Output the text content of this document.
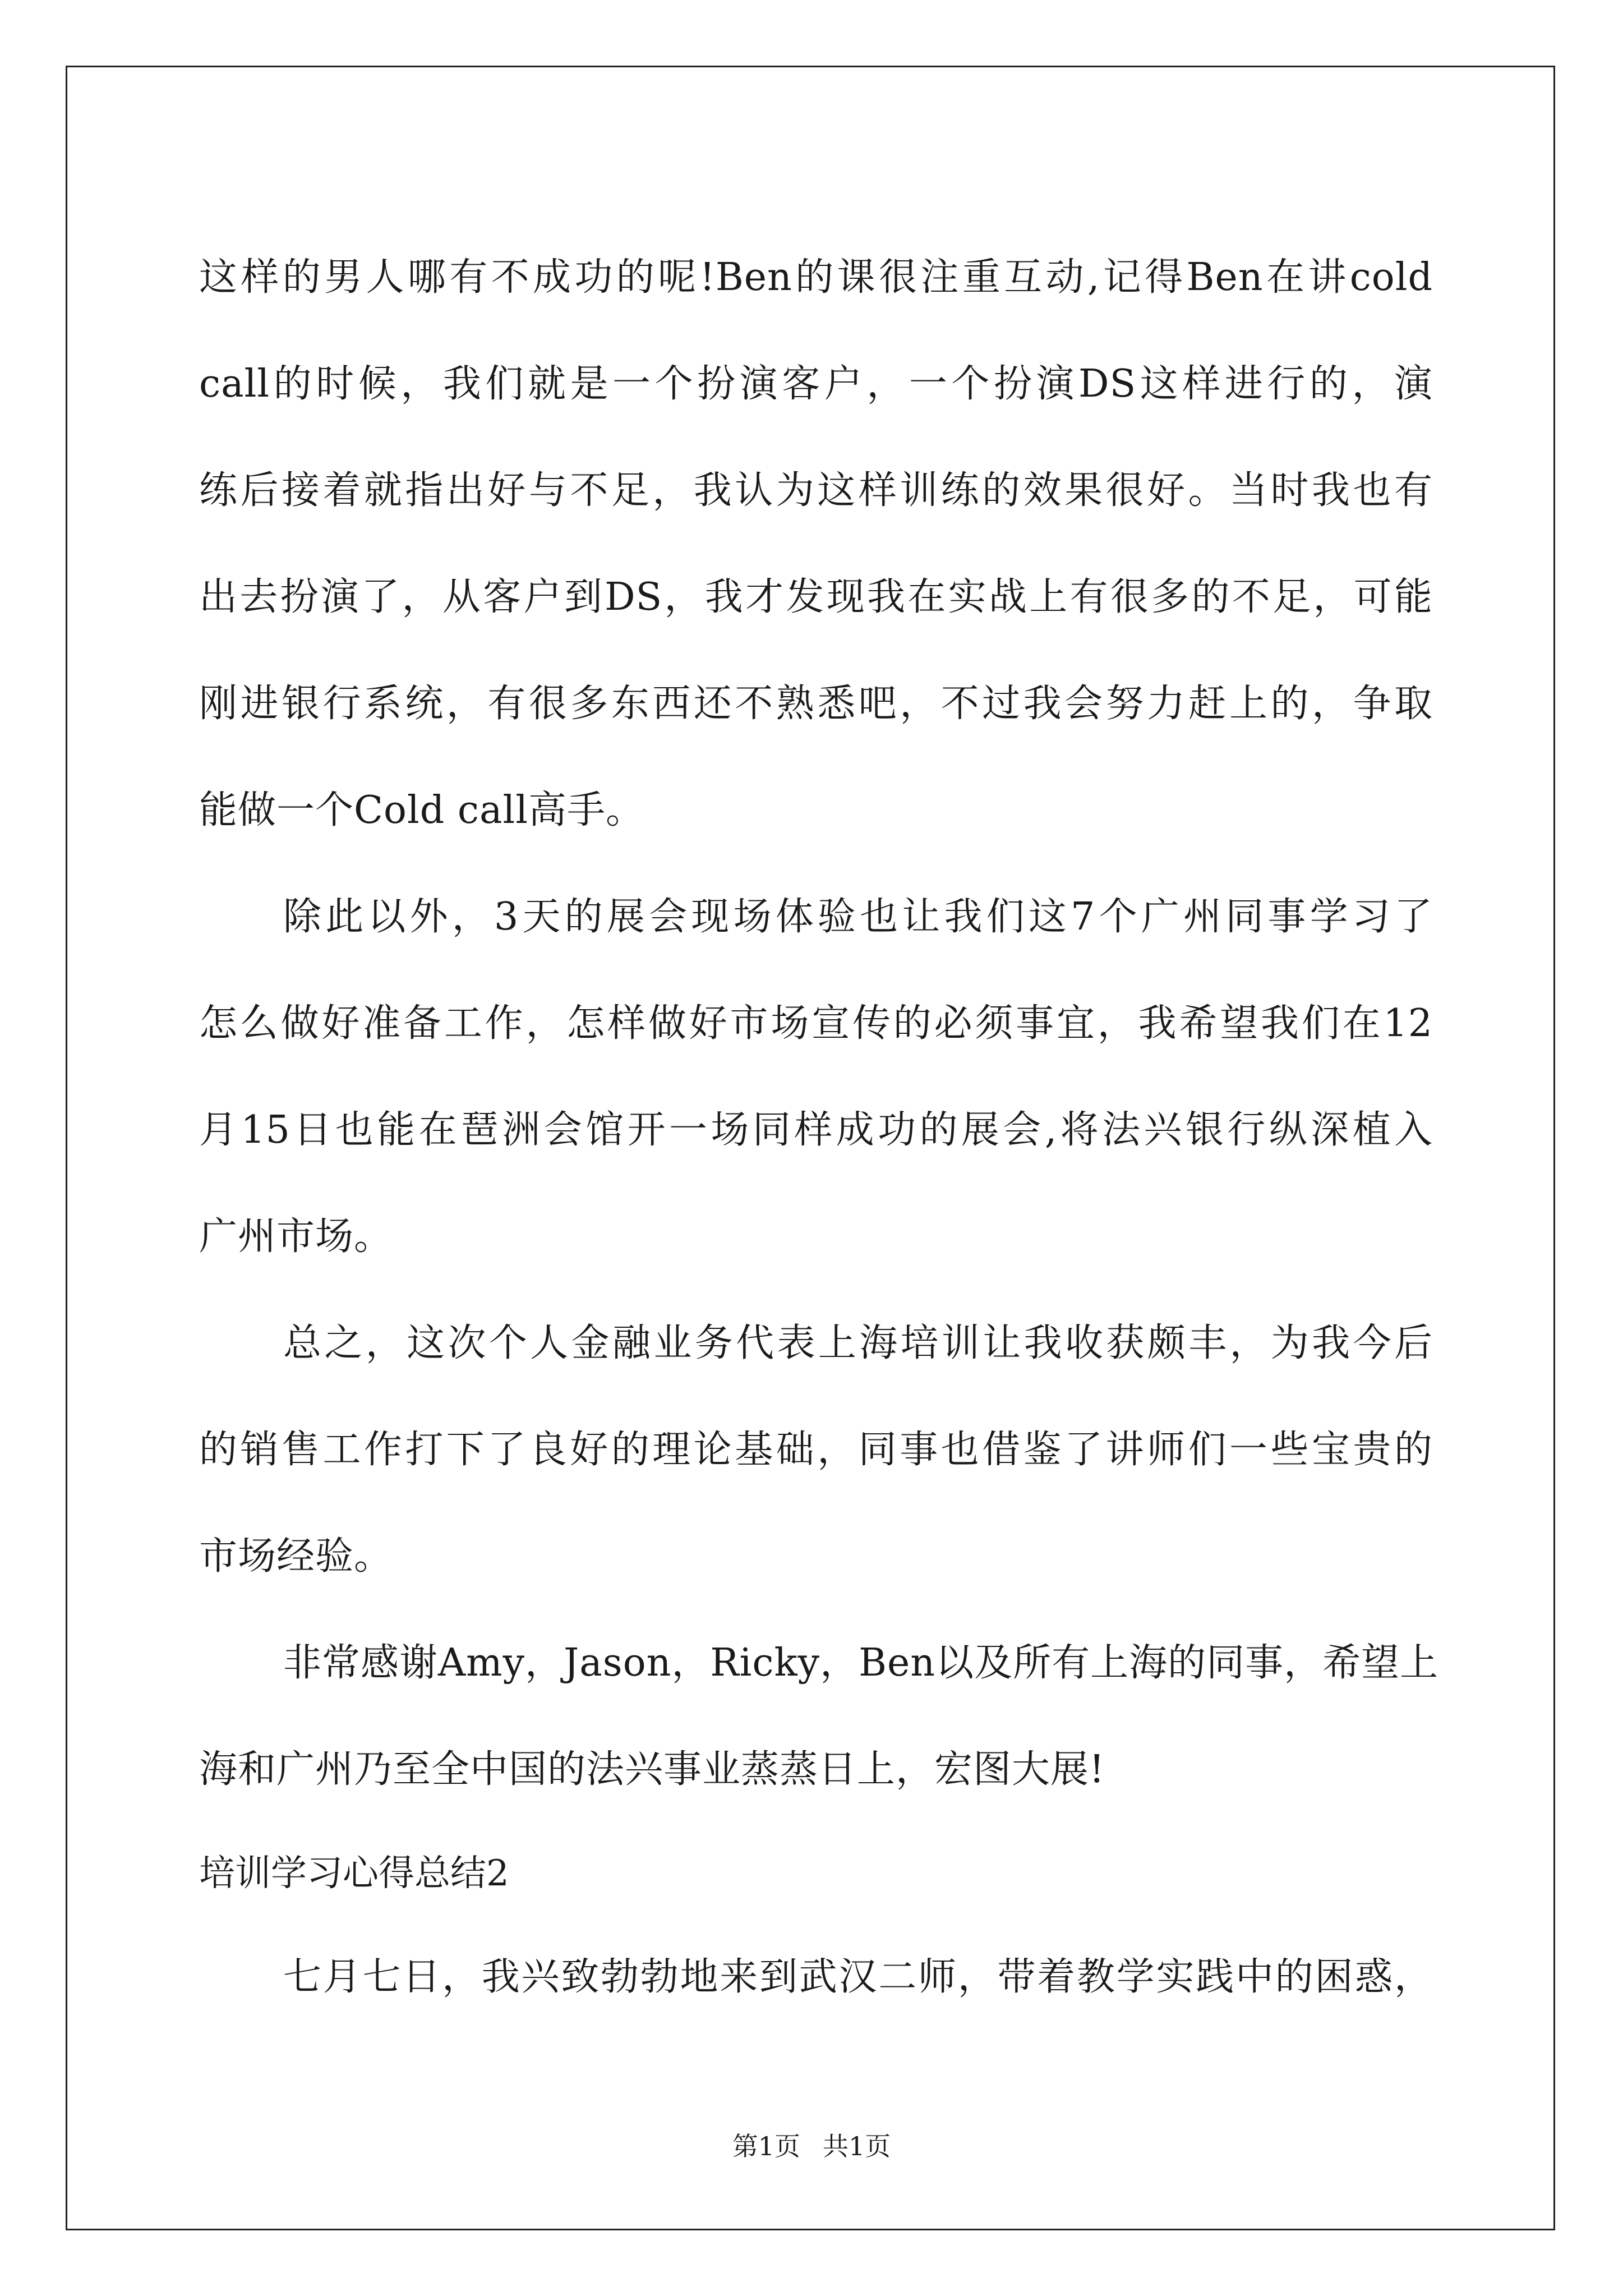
这样的男人哪有不成功的呢!Ben的课很注重互动,记得Ben在讲cold
call的时候，我们就是一个扮演客户，一个扮演DS这样进行的，演
练后接着就指出好与不足，我认为这样训练的效果很好。当时我也有
出去扮演了，从客户到DS，我才发现我在实战上有很多的不足，可能
刚进银行系统，有很多东西还不熟悉吧，不过我会努力赶上的，争取
能做一个Cold call高手。
除此以外，3天的展会现场体验也让我们这7个广州同事学习了
怎么做好准备工作，怎样做好市场宣传的必须事宜，我希望我们在12
月15日也能在琶洲会馆开一场同样成功的展会,将法兴银行纵深植入
广州市场。
总之，这次个人金融业务代表上海培训让我收获颇丰，为我今后
的销售工作打下了良好的理论基础，同事也借鉴了讲师们一些宝贵的
市场经验。
非常感谢Amy，Jason，Ricky，Ben以及所有上海的同事，希望上
海和广州乃至全中国的法兴事业蒸蒸日上，宏图大展!
培训学习心得总结2
七月七日，我兴致勃勃地来到武汉二师，带着教学实践中的困惑，
第1页 共1页
